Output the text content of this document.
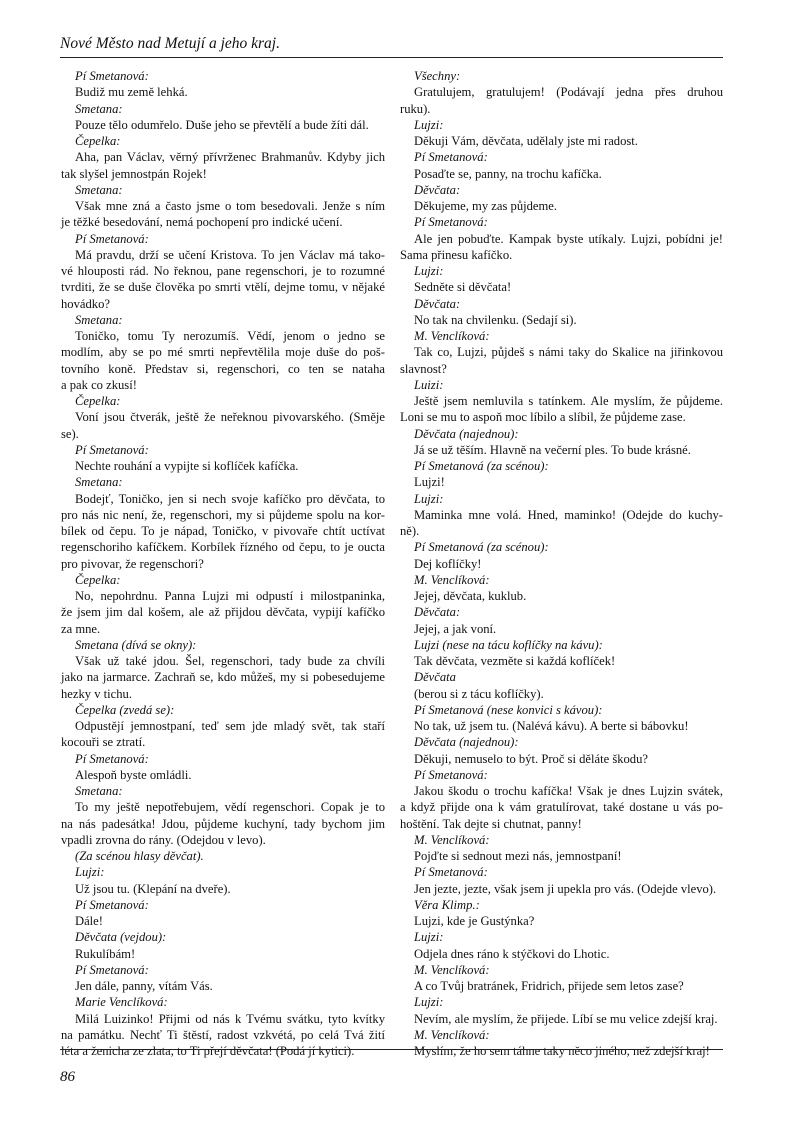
Nové Město nad Metují a jeho kraj.
Pí Smetanová:
Budiž mu země lehká.
Smetana:
Pouze tělo odumřelo. Duše jeho se převtělí a bude žíti dál.
Čepelka:
Aha, pan Václav, věrný přívrženec Brahmanův. Kdyby jich
tak slyšel jemnostpán Rojek!
Smetana:
Však mne zná a často jsme o tom besedovali. Jenže s ním
je těžké besedování, nemá pochopení pro indické učení.
Pí Smetanová:
Má pravdu, drží se učení Kristova. To jen Václav má tako-
vé hlouposti rád. No řeknou, pane regenschori, je to rozumné
tvrditi, že se duše člověka po smrti vtělí, dejme tomu, v nějaké
hovádko?
Smetana:
Toničko, tomu Ty nerozumíš. Vědí, jenom o jedno se
modlím, aby se po mé smrti nepřevtělila moje duše do poš-
tovního koně. Představ si, regenschori, co ten se nataha
a pak co zkusí!
Čepelka:
Voní jsou čtverák, ještě že neřeknou pivovarského. (Směje
se).
Pí Smetanová:
Nechte rouhání a vypijte si koflíček kafíčka.
Smetana:
Bodejť, Toničko, jen si nech svoje kafíčko pro děvčata, to
pro nás nic není, že, regenschori, my si půjdeme spolu na kor-
bílek od čepu. To je nápad, Toničko, v pivovaře chtít uctívat
regenschoriho kafíčkem. Korbílek řízného od čepu, to je oucta
pro pivovar, že regenschori?
Čepelka:
No, nepohrdnu. Panna Lujzi mi odpustí i milostpaninka,
že jsem jim dal košem, ale až přijdou děvčata, vypijí kafíčko
za mne.
Smetana (dívá se okny):
Však už také jdou. Šel, regenschori, tady bude za chvíli
jako na jarmarce. Zachraň se, kdo můžeš, my si pobesedujeme
hezky v tichu.
Čepelka (zvedá se):
Odpustějí jemnostpaní, teď sem jde mladý svět, tak staří
kocouři se ztratí.
Pí Smetanová:
Alespoň byste omládli.
Smetana:
To my ještě nepotřebujem, vědí regenschori. Copak je to
na nás padesátka! Jdou, půjdeme kuchyní, tady bychom jim
vpadli zrovna do rány. (Odejdou v levo).
(Za scénou hlasy děvčat).
Lujzi:
Už jsou tu. (Klepání na dveře).
Pí Smetanová:
Dále!
Děvčata (vejdou):
Rukulíbám!
Pí Smetanová:
Jen dále, panny, vítám Vás.
Marie Venclíková:
Milá Luizinko! Přijmi od nás k Tvému svátku, tyto kvítky
na památku. Nechť Ti štěstí, radost vzkvétá, po celá Tvá žití
léta a ženicha ze zlata, to Ti přejí děvčata! (Podá jí kytici).
Všechny:
Gratulujem, gratulujem! (Podávají jedna přes druhou
ruku).
Lujzi:
Děkuji Vám, děvčata, udělaly jste mi radost.
Pí Smetanová:
Posaďte se, panny, na trochu kafíčka.
Děvčata:
Děkujeme, my zas půjdeme.
Pí Smetanová:
Ale jen pobuďte. Kampak byste utíkaly. Lujzi, pobídni je!
Sama přinesu kafíčko.
Lujzi:
Sedněte si děvčata!
Děvčata:
No tak na chvilenku. (Sedají si).
M. Venclíková:
Tak co, Lujzi, půjdeš s námi taky do Skalice na jiřinkovou
slavnost?
Luizi:
Ještě jsem nemluvila s tatínkem. Ale myslím, že půjdeme.
Loni se mu to aspoň moc líbilo a slíbil, že půjdeme zase.
Děvčata (najednou):
Já se už těším. Hlavně na večerní ples. To bude krásné.
Pí Smetanová (za scénou):
Lujzi!
Lujzi:
Maminka mne volá. Hned, maminko! (Odejde do kuchy-
ně).
Pí Smetanová (za scénou):
Dej koflíčky!
M. Venclíková:
Jejej, děvčata, kuklub.
Děvčata:
Jejej, a jak voní.
Lujzi (nese na tácu koflíčky na kávu):
Tak děvčata, vezměte si každá koflíček!
Děvčata
(berou si z tácu koflíčky).
Pí Smetanová (nese konvici s kávou):
No tak, už jsem tu. (Nalévá kávu). A berte si bábovku!
Děvčata (najednou):
Děkuji, nemuselo to být. Proč si děláte škodu?
Pí Smetanová:
Jakou škodu o trochu kafíčka! Však je dnes Lujzin svátek,
a když přijde ona k vám gratulírovat, také dostane u vás po-
hoštění. Tak dejte si chutnat, panny!
M. Venclíková:
Pojďte si sednout mezi nás, jemnostpaní!
Pí Smetanová:
Jen jezte, jezte, však jsem ji upekla pro vás. (Odejde vlevo).
Věra Klimp.:
Lujzi, kde je Gustýnka?
Lujzi:
Odjela dnes ráno k stýčkovi do Lhotic.
M. Venclíková:
A co Tvůj bratránek, Fridrich, přijede sem letos zase?
Lujzi:
Nevím, ale myslím, že přijede. Líbí se mu velice zdejší kraj.
M. Venclíková:
Myslím, že ho sem táhne taky něco jiného, než zdejší kraj!
86
